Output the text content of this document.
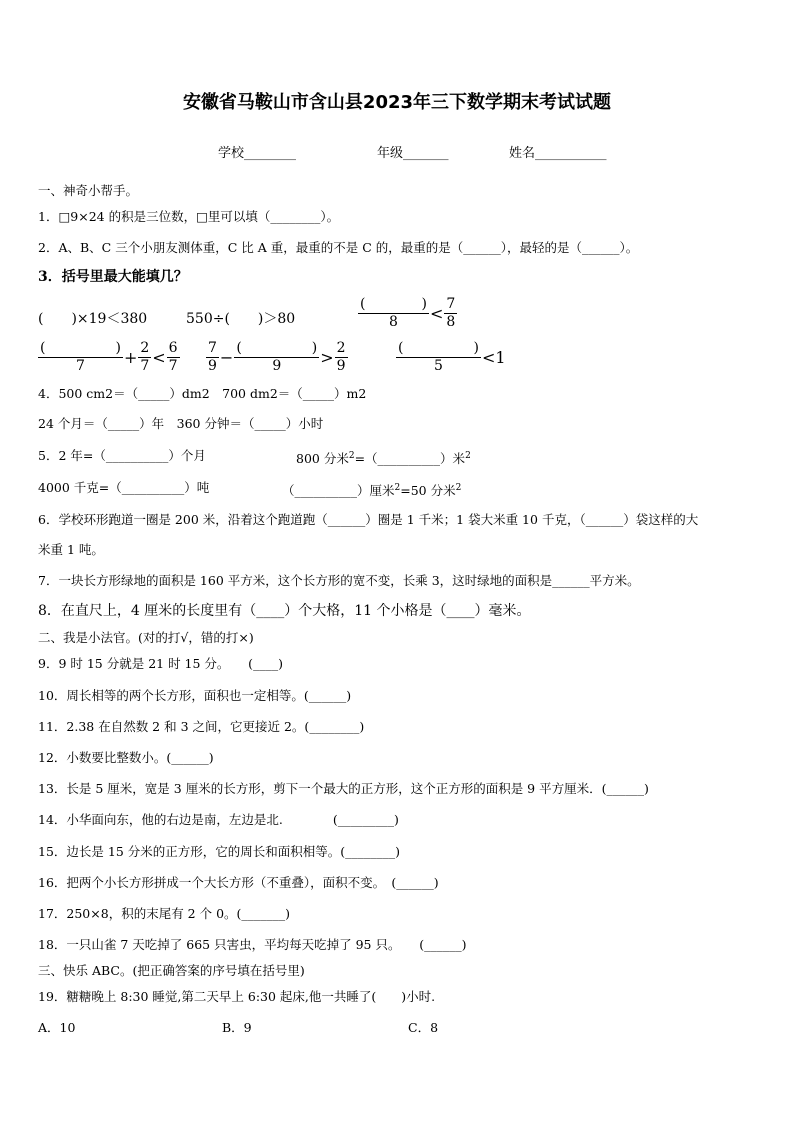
安徽省马鞍山市含山县2023年三下数学期末考试试题
学校________	年级_______	姓名___________
一、神奇小帮手。
1．□9×24 的积是三位数，□里可以填（________）。
2．A、B、C 三个小朋友测体重，C 比 A 重，最重的不是 C 的，最重的是（______），最轻的是（______）。
3．括号里最大能填几？
(　　)×19＜380	550÷(　　)＞80	$\frac{( )}{8} < \frac{7}{8}$
$\frac{( )}{7} + \frac{2}{7} < \frac{6}{7} \frac{7}{9} - \frac{( )}{9} > \frac{2}{9}$	$\frac{( )}{5} <1$
4．500 cm2＝（_____）dm2　700 dm2＝（_____）m2
24 个月＝（_____）年　360 分钟＝（_____）小时
5．2 年=（__________）个月	800 分米$^2$=（__________）米$^2$
4000 千克=（__________）吨	（__________）厘米$^2$=50 分米$^2$
6．学校环形跑道一圈是 200 米，沿着这个跑道跑（______）圈是 1 千米；1 袋大米重 10 千克，（______）袋这样的大
米重 1 吨。
7．一块长方形绿地的面积是 160 平方米，这个长方形的宽不变，长乘 3，这时绿地的面积是______平方米。
8．在直尺上，4 厘米的长度里有（____）个大格，11 个小格是（____）毫米。
二、我是小法官。(对的打√，错的打×)
9．9 时 15 分就是 21 时 15 分。　　(____)
10．周长相等的两个长方形，面积也一定相等。(______)
11．2.38 在自然数 2 和 3 之间，它更接近 2。(________)
12．小数要比整数小。(______)
13．长是 5 厘米，宽是 3 厘米的长方形，剪下一个最大的正方形，这个正方形的面积是 9 平方厘米．(______)
14．小华面向东，他的右边是南，左边是北.　　　　(_________)
15．边长是 15 分米的正方形，它的周长和面积相等。(________)
16．把两个小长方形拼成一个大长方形（不重叠），面积不变。　(______)
17．250×8，积的末尾有 2 个 0。(_______)
18．一只山雀 7 天吃掉了 665 只害虫，平均每天吃掉了 95 只。　　(______)
三、快乐 ABC。(把正确答案的序号填在括号里)
19．糖糖晚上 8:30 睡觉,第二天早上 6:30 起床,他一共睡了(　　)小时.
A．10	B．9	C．8
